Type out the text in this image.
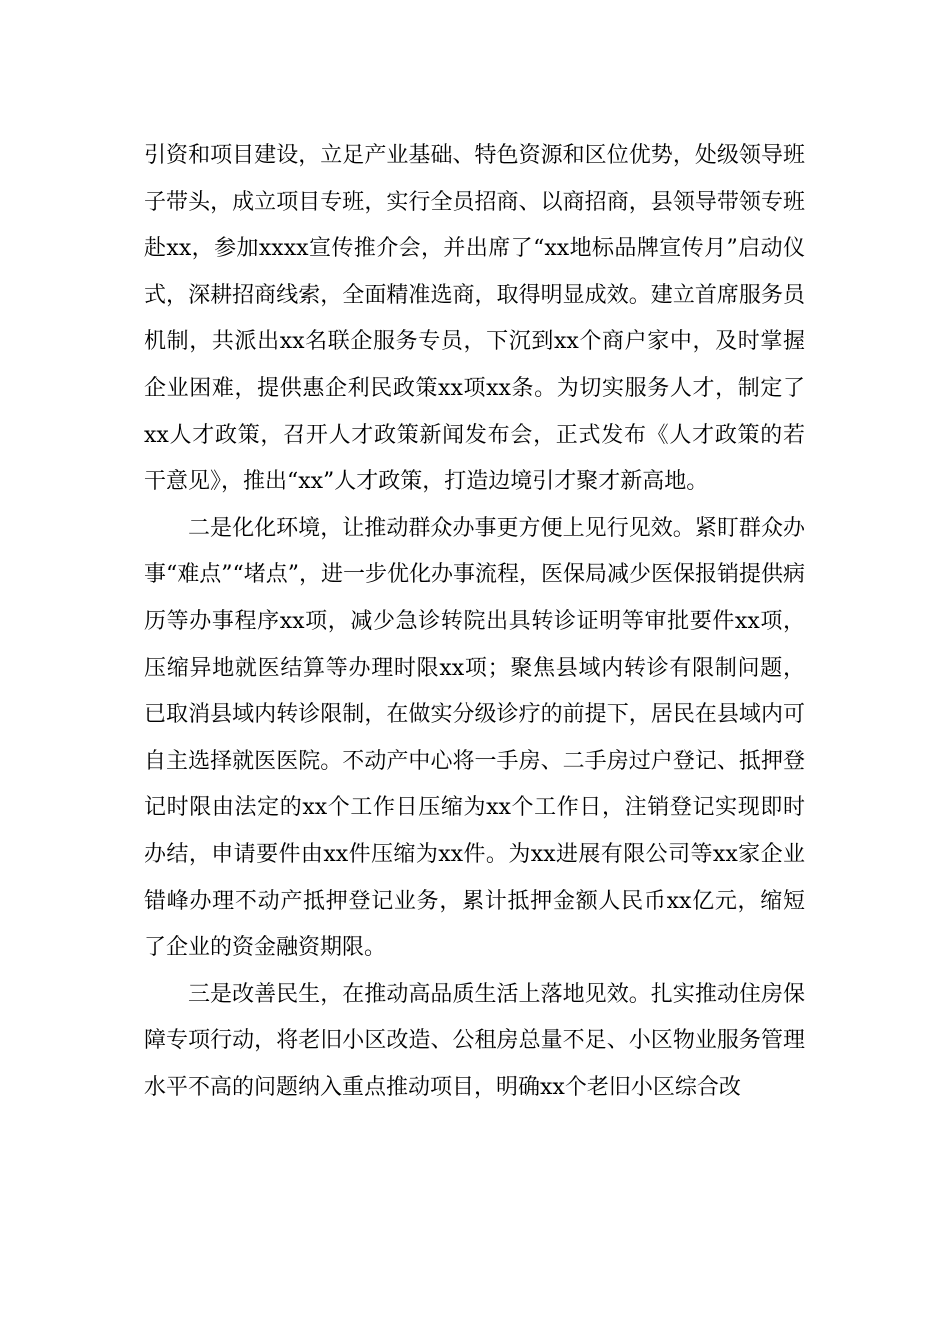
引资和项目建设，立足产业基础、特色资源和区位优势，处级领导班子带头，成立项目专班，实行全员招商、以商招商，县领导带领专班赴xx，参加xxxx宣传推介会，并出席了“xx地标品牌宣传月”启动仪式，深耕招商线索，全面精准选商，取得明显成效。建立首席服务员机制，共派出xx名联企服务专员，下沉到xx个商户家中，及时掌握企业困难，提供惠企利民政策xx项xx条。为切实服务人才，制定了xx人才政策，召开人才政策新闻发布会，正式发布《人才政策的若干意见》，推出“xx”人才政策，打造边境引才聚才新高地。

二是化化环境，让推动群众办事更方便上见行见效。紧盯群众办事“难点”“堵点”，进一步优化办事流程，医保局减少医保报销提供病历等办事程序xx项，减少急诊转院出具转诊证明等审批要件xx项，压缩异地就医结算等办理时限xx项；聚焦县域内转诊有限制问题，已取消县域内转诊限制，在做实分级诊疗的前提下，居民在县域内可自主选择就医医院。不动产中心将一手房、二手房过户登记、抵押登记时限由法定的xx个工作日压缩为xx个工作日，注销登记实现即时办结，申请要件由xx件压缩为xx件。为xx进展有限公司等xx家企业错峰办理不动产抵押登记业务，累计抵押金额人民币xx亿元，缩短了企业的资金融资期限。

三是改善民生，在推动高品质生活上落地见效。扎实推动住房保障专项行动，将老旧小区改造、公租房总量不足、小区物业服务管理水平不高的问题纳入重点推动项目，明确xx个老旧小区综合改
